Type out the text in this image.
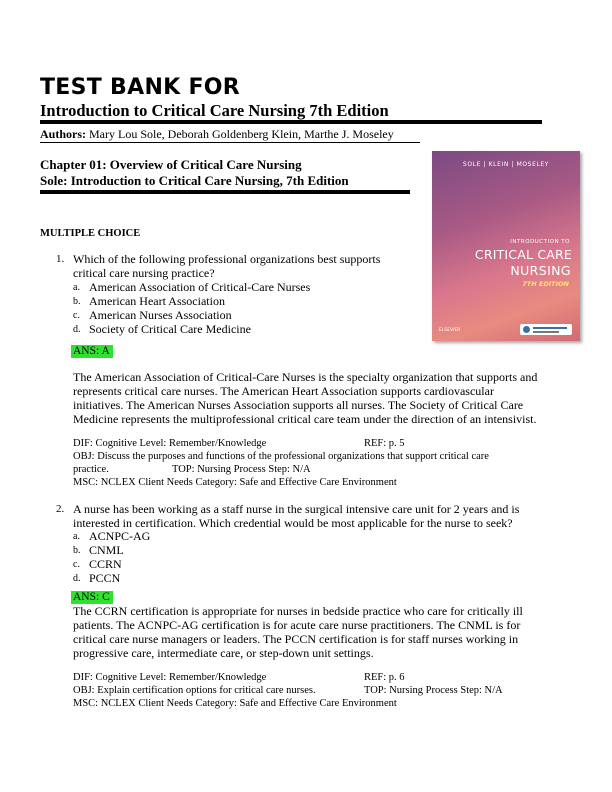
TEST BANK FOR
Introduction to Critical Care Nursing 7th Edition
Authors: Mary Lou Sole, Deborah Goldenberg Klein, Marthe J. Moseley
Chapter 01: Overview of Critical Care Nursing
Sole: Introduction to Critical Care Nursing, 7th Edition
SOLE | KLEIN | MOSELEY
INTRODUCTION TO
CRITICAL CARE
NURSING
7TH EDITION
ELSEVIER
MULTIPLE CHOICE
1. Which of the following professional organizations best supports
critical care nursing practice?
a. American Association of Critical-Care Nurses
b. American Heart Association
c. American Nurses Association
d. Society of Critical Care Medicine
ANS: A
The American Association of Critical-Care Nurses is the specialty organization that supports and
represents critical care nurses. The American Heart Association supports cardiovascular
initiatives. The American Nurses Association supports all nurses. The Society of Critical Care
Medicine represents the multiprofessional critical care team under the direction of an intensivist.
DIF: Cognitive Level: Remember/Knowledge	REF: p. 5
OBJ: Discuss the purposes and functions of the professional organizations that support critical care
practice.	TOP: Nursing Process Step: N/A
MSC: NCLEX Client Needs Category: Safe and Effective Care Environment
2. A nurse has been working as a staff nurse in the surgical intensive care unit for 2 years and is
interested in certification. Which credential would be most applicable for the nurse to seek?
a. ACNPC-AG
b. CNML
c. CCRN
d. PCCN
ANS: C
The CCRN certification is appropriate for nurses in bedside practice who care for critically ill
patients. The ACNPC-AG certification is for acute care nurse practitioners. The CNML is for
critical care nurse managers or leaders. The PCCN certification is for staff nurses working in
progressive care, intermediate care, or step-down unit settings.
DIF: Cognitive Level: Remember/Knowledge	REF: p. 6
OBJ: Explain certification options for critical care nurses.	TOP: Nursing Process Step: N/A
MSC: NCLEX Client Needs Category: Safe and Effective Care Environment
